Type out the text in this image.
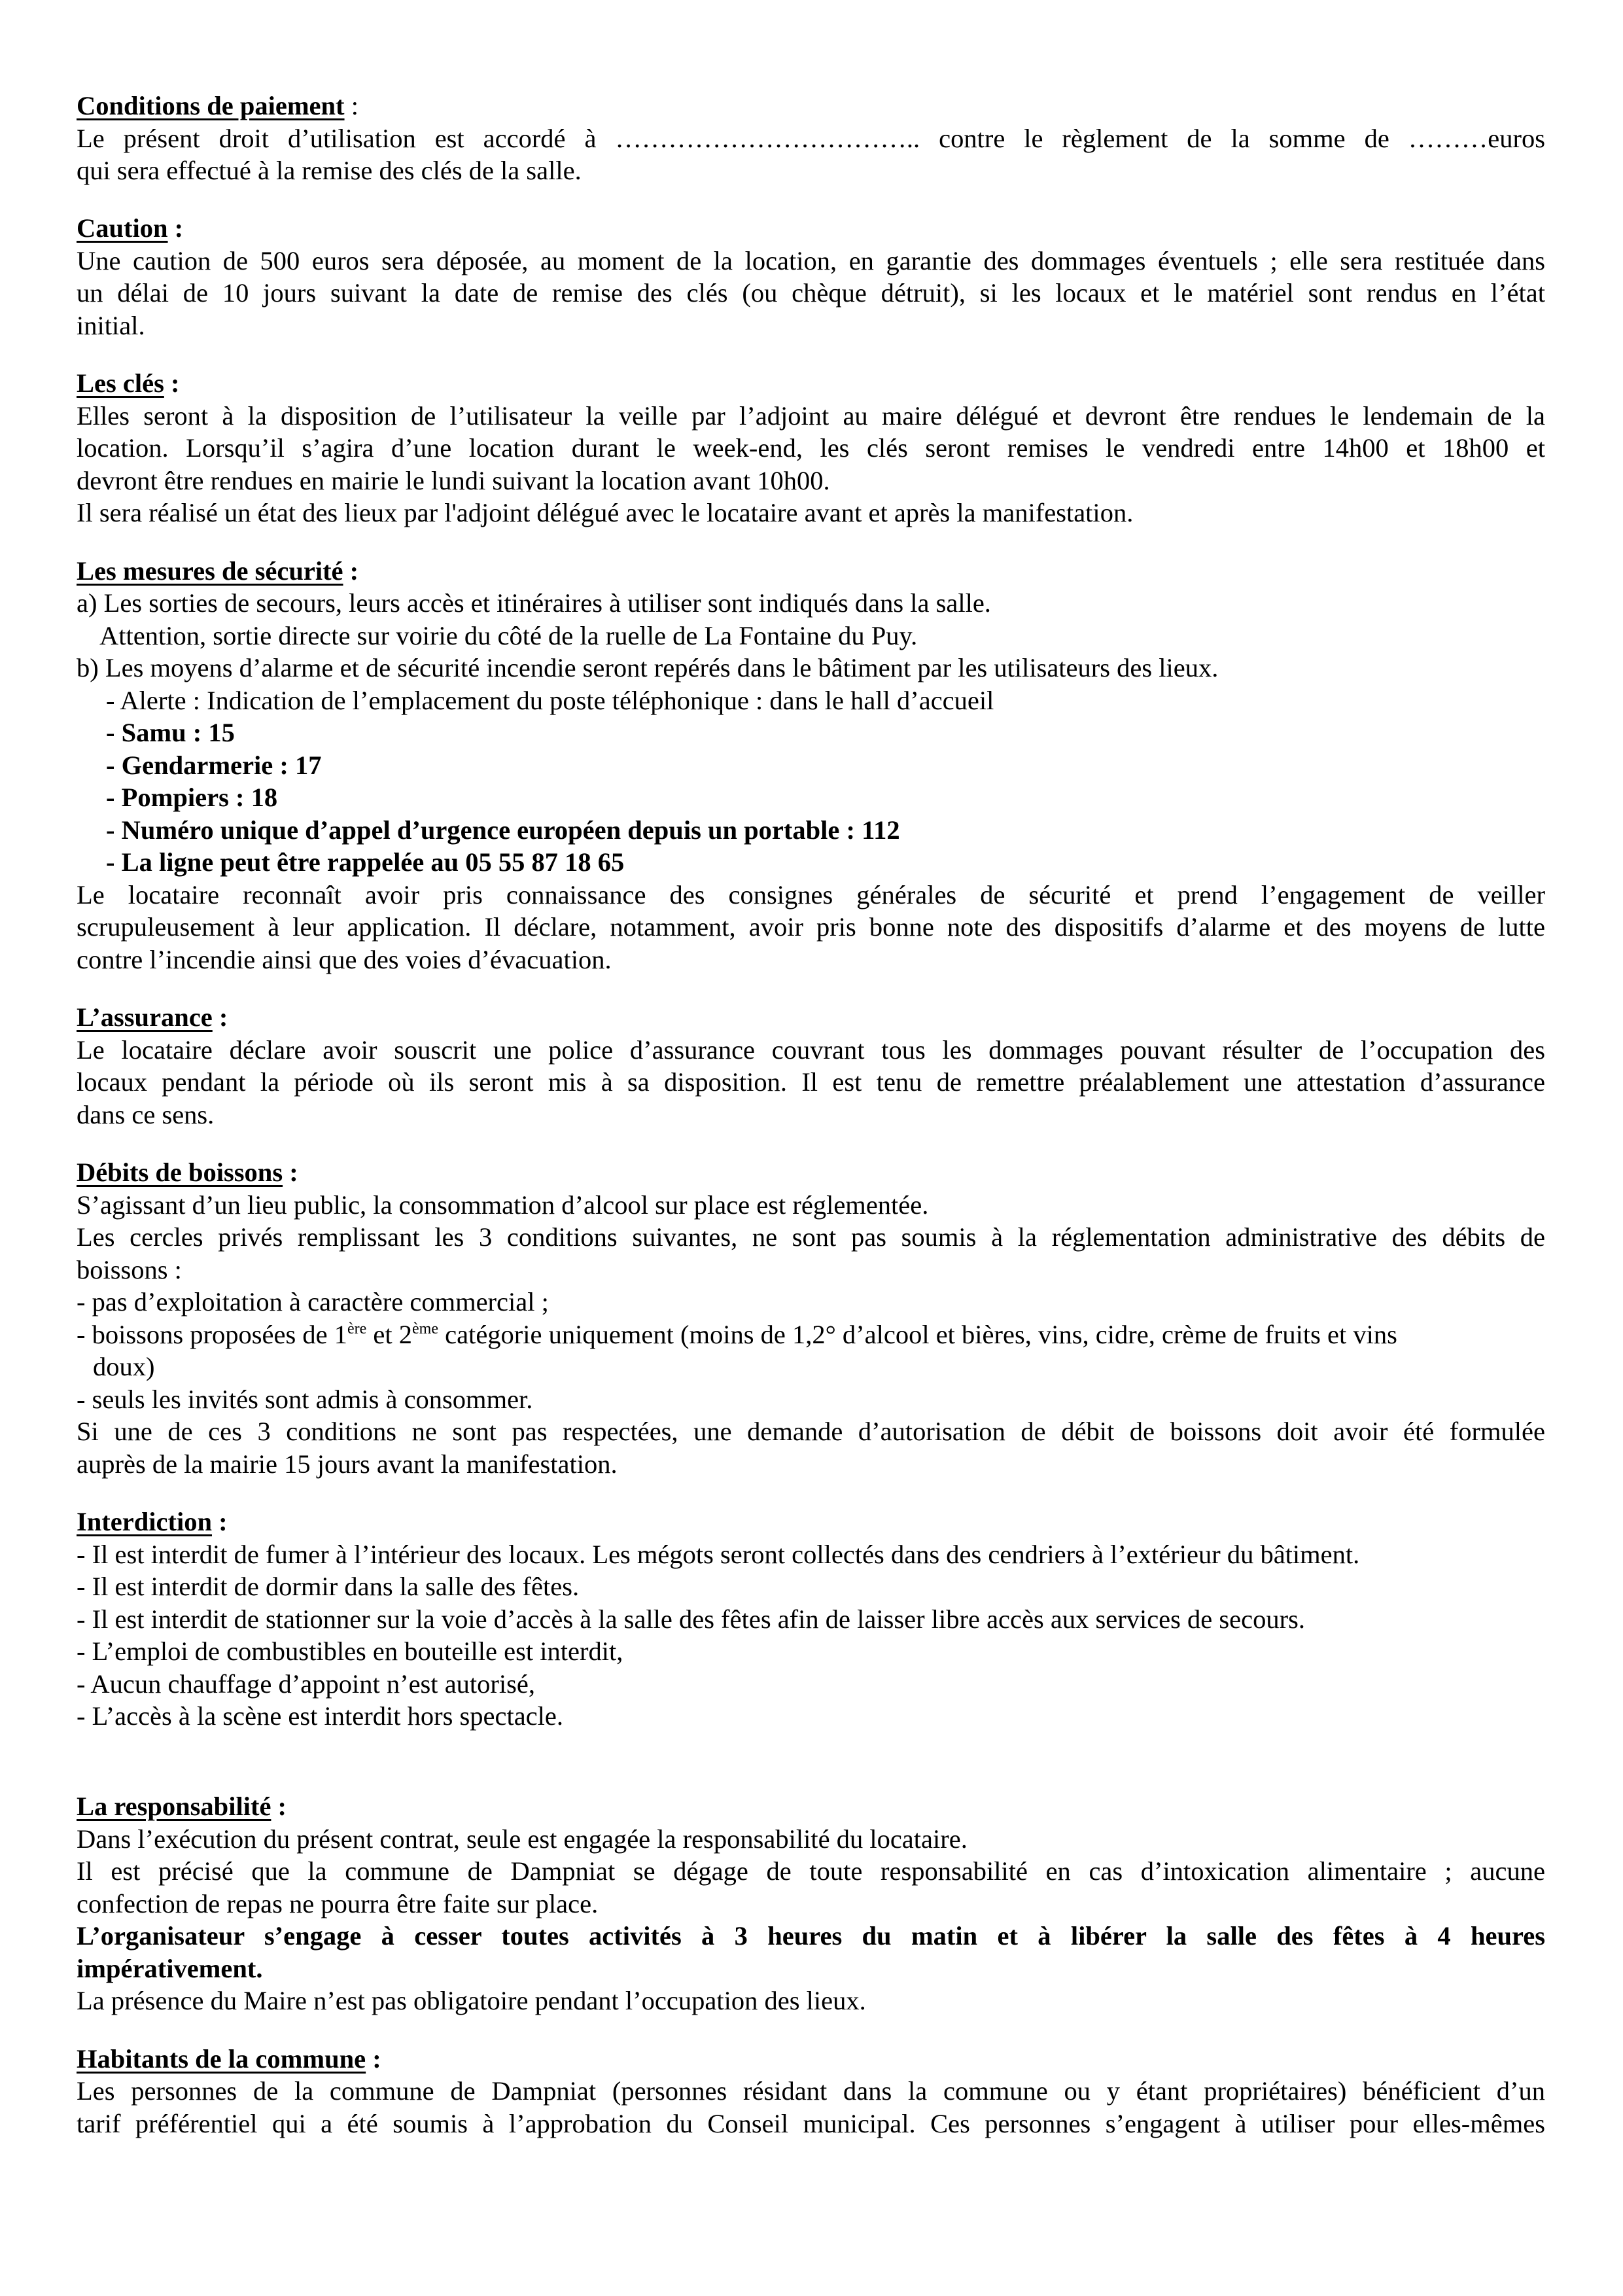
Conditions de paiement :
Le présent droit d’utilisation est accordé à …………………………….. contre le règlement de la somme de ………euros
qui sera effectué à la remise des clés de la salle.
Caution :
Une caution de 500 euros sera déposée, au moment de la location, en garantie des dommages éventuels ; elle sera restituée dans
un délai de 10 jours suivant la date de remise des clés (ou chèque détruit), si les locaux et le matériel sont rendus en l’état
initial.
Les clés :
Elles seront à la disposition de l’utilisateur la veille par l’adjoint au maire délégué et devront être rendues le lendemain de la
location. Lorsqu’il s’agira d’une location durant le week-end, les clés seront remises le vendredi entre 14h00 et 18h00 et
devront être rendues en mairie le lundi suivant la location avant 10h00.
Il sera réalisé un état des lieux par l'adjoint délégué avec le locataire avant et après la manifestation.
Les mesures de sécurité :
a) Les sorties de secours, leurs accès et itinéraires à utiliser sont indiqués dans la salle.
Attention, sortie directe sur voirie du côté de la ruelle de La Fontaine du Puy.
b) Les moyens d’alarme et de sécurité incendie seront repérés dans le bâtiment par les utilisateurs des lieux.
- Alerte : Indication de l’emplacement du poste téléphonique : dans le hall d’accueil
- Samu : 15
- Gendarmerie : 17
- Pompiers : 18
- Numéro unique d’appel d’urgence européen depuis un portable : 112
- La ligne peut être rappelée au 05 55 87 18 65
Le locataire reconnaît avoir pris connaissance des consignes générales de sécurité et prend l’engagement de veiller
scrupuleusement à leur application. Il déclare, notamment, avoir pris bonne note des dispositifs d’alarme et des moyens de lutte
contre l’incendie ainsi que des voies d’évacuation.
L’assurance :
Le locataire déclare avoir souscrit une police d’assurance couvrant tous les dommages pouvant résulter de l’occupation des
locaux pendant la période où ils seront mis à sa disposition. Il est tenu de remettre préalablement une attestation d’assurance
dans ce sens.
Débits de boissons :
S’agissant d’un lieu public, la consommation d’alcool sur place est réglementée.
Les cercles privés remplissant les 3 conditions suivantes, ne sont pas soumis à la réglementation administrative des débits de
boissons :
- pas d’exploitation à caractère commercial ;
- boissons proposées de 1ère et 2ème catégorie uniquement (moins de 1,2° d’alcool et bières, vins, cidre, crème de fruits et vins
doux)
- seuls les invités sont admis à consommer.
Si une de ces 3 conditions ne sont pas respectées, une demande d’autorisation de débit de boissons doit avoir été formulée
auprès de la mairie 15 jours avant la manifestation.
Interdiction :
- Il est interdit de fumer à l’intérieur des locaux. Les mégots seront collectés dans des cendriers à l’extérieur du bâtiment.
- Il est interdit de dormir dans la salle des fêtes.
- Il est interdit de stationner sur la voie d’accès à la salle des fêtes afin de laisser libre accès aux services de secours.
- L’emploi de combustibles en bouteille est interdit,
- Aucun chauffage d’appoint n’est autorisé,
- L’accès à la scène est interdit hors spectacle.
La responsabilité :
Dans l’exécution du présent contrat, seule est engagée la responsabilité du locataire.
Il est précisé que la commune de Dampniat se dégage de toute responsabilité en cas d’intoxication alimentaire ; aucune
confection de repas ne pourra être faite sur place.
L’organisateur s’engage à cesser toutes activités à 3 heures du matin et à libérer la salle des fêtes à 4 heures
impérativement.
La présence du Maire n’est pas obligatoire pendant l’occupation des lieux.
Habitants de la commune :
Les personnes de la commune de Dampniat (personnes résidant dans la commune ou y étant propriétaires) bénéficient d’un
tarif préférentiel qui a été soumis à l’approbation du Conseil municipal. Ces personnes s’engagent à utiliser pour elles-mêmes
